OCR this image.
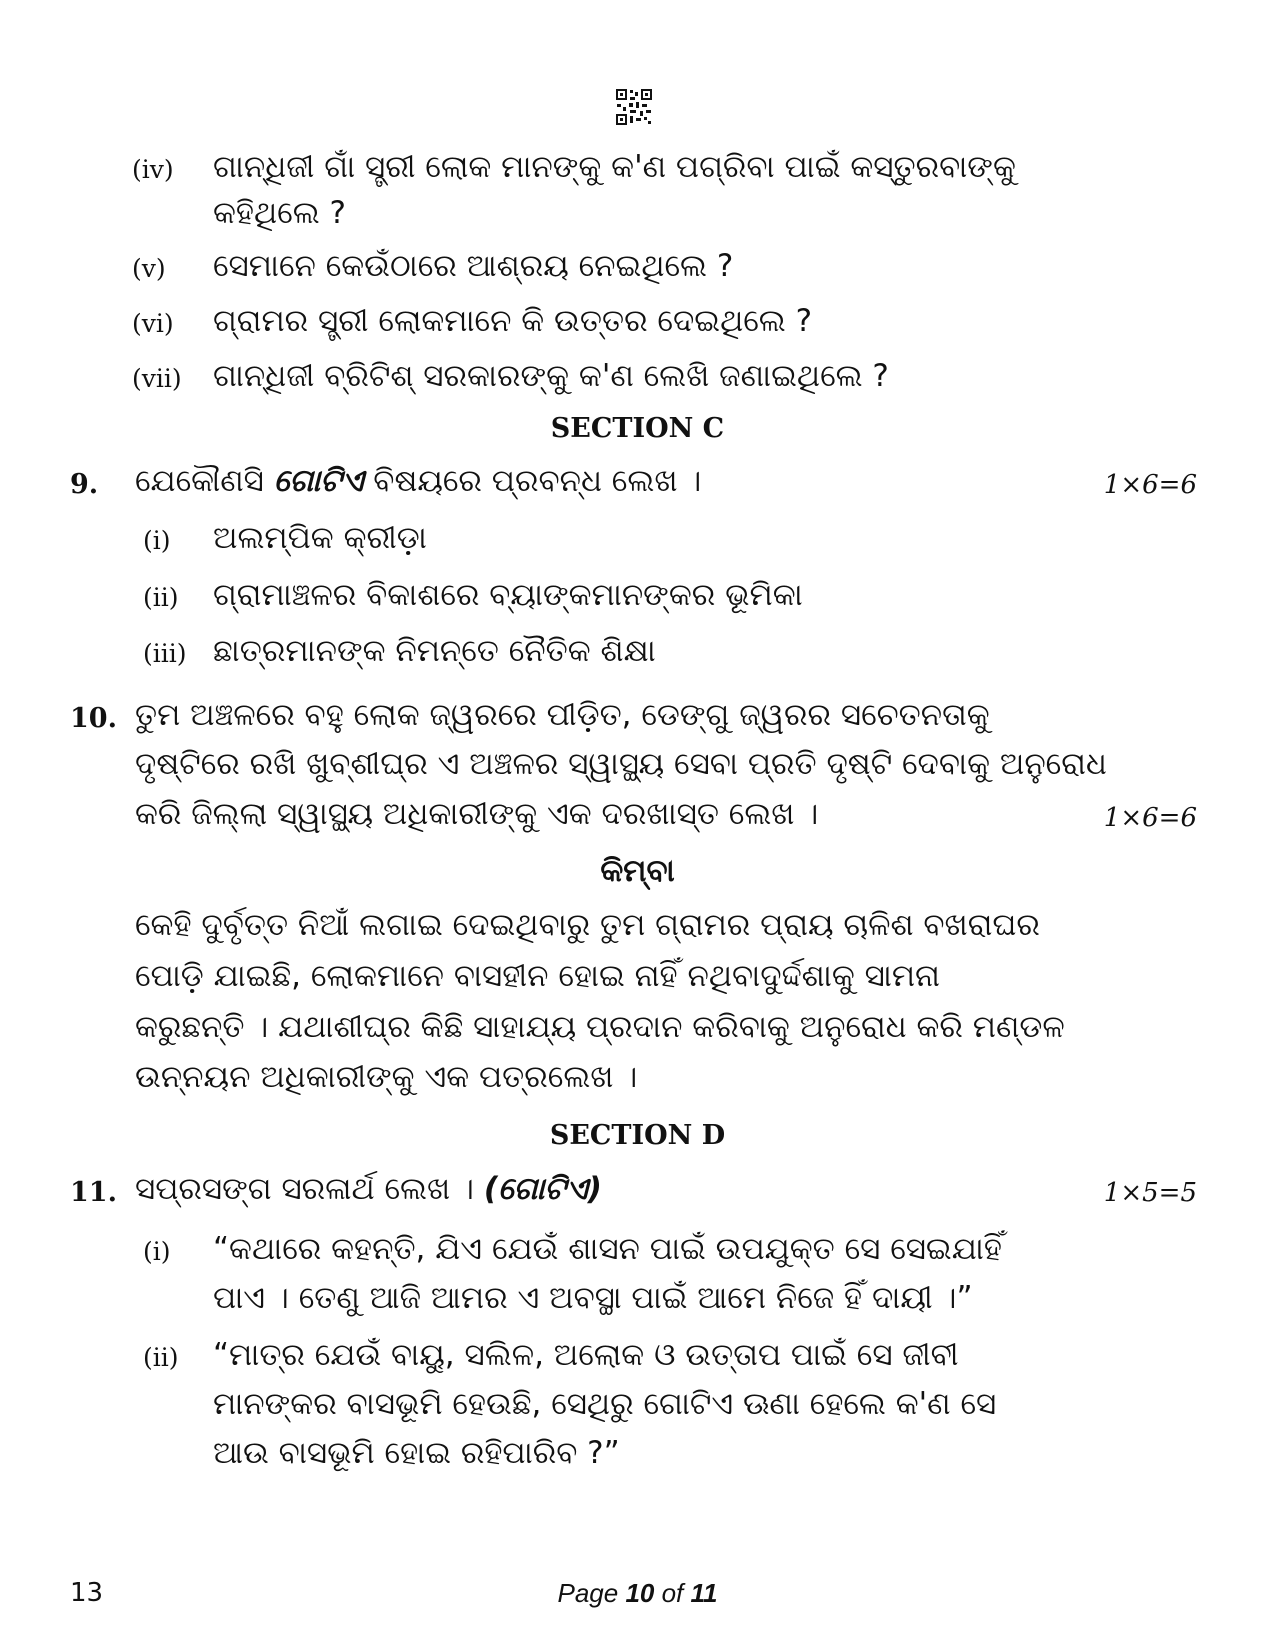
(iv) ଗାନ୍ଧିଜୀ ଗାଁ ସ୍ତ୍ରୀ ଲୋକ ମାନଙ୍କୁ କ'ଣ ପଗ୍ରିବା ପାଇଁ କସ୍ତୁରବାଙ୍କୁ
କହିଥିଲେ ?
(v) ସେମାନେ କେଉଁଠାରେ ଆଶ୍ରୟ ନେଇଥିଲେ ?
(vi) ଗ୍ରାମର ସ୍ତ୍ରୀ ଲୋକମାନେ କି ଉତ୍ତର ଦେଇଥିଲେ ?
(vii) ଗାନ୍ଧିଜୀ ବ୍ରିଟିଶ୍ ସରକାରଙ୍କୁ କ'ଣ ଲେଖି ଜଣାଇଥିଲେ ?
SECTION C
9. ଯେକୌଣସି ଗୋଟିଏ ବିଷୟରେ ପ୍ରବନ୍ଧ ଲେଖ ।	1×6=6
(i) ଅଲମ୍ପିକ କ୍ରୀଡ଼ା
(ii) ଗ୍ରାମାଞ୍ଚଳର ବିକାଶରେ ବ୍ୟାଙ୍କମାନଙ୍କର ଭୂମିକା
(iii) ଛାତ୍ରମାନଙ୍କ ନିମନ୍ତେ ନୈତିକ ଶିକ୍ଷା
10. ତୁମ ଅଞ୍ଚଳରେ ବହୁ ଲୋକ ଜ୍ୱରରେ ପୀଡ଼ିତ, ଡେଙ୍ଗୁ ଜ୍ୱରର ସଚେତନତାକୁ
ଦୃଷ୍ଟିରେ ରଖି ଖୁବ୍‌ଶୀଘ୍ର ଏ ଅଞ୍ଚଳର ସ୍ୱାସ୍ଥ୍ୟ ସେବା ପ୍ରତି ଦୃଷ୍ଟି ଦେବାକୁ ଅନୁରୋଧ
କରି ଜିଲ୍ଲା ସ୍ୱାସ୍ଥ୍ୟ ଅଧିକାରୀଙ୍କୁ ଏକ ଦରଖାସ୍ତ ଲେଖ ।	1×6=6
କିମ୍ବା
କେହି ଦୁର୍ବୃତ୍ତ ନିଆଁ ଲଗାଇ ଦେଇଥିବାରୁ ତୁମ ଗ୍ରାମର ପ୍ରାୟ ଚାଳିଶ ବଖରାଘର
ପୋଡ଼ି ଯାଇଛି, ଲୋକମାନେ ବାସହୀନ ହୋଇ ନାହିଁ ନଥିବାଦୁର୍ଦ୍ଦଶାକୁ ସାମନା
କରୁଛନ୍ତି । ଯଥାଶୀଘ୍ର କିଛି ସାହାଯ୍ୟ ପ୍ରଦାନ କରିବାକୁ ଅନୁରୋଧ କରି ମଣ୍ଡଳ
ଉନ୍ନୟନ ଅଧିକାରୀଙ୍କୁ ଏକ ପତ୍ରଲେଖ ।
SECTION D
11. ସପ୍ରସଙ୍ଗ ସରଳାର୍ଥ ଲେଖ । (ଗୋଟିଏ)	1×5=5
(i) “କଥାରେ କହନ୍ତି, ଯିଏ ଯେଉଁ ଶାସନ ପାଇଁ ଉପଯୁକ୍ତ ସେ ସେଇଯାହିଁ
ପାଏ । ତେଣୁ ଆଜି ଆମର ଏ ଅବସ୍ଥା ପାଇଁ ଆମେ ନିଜେ ହିଁ ଦାୟୀ ।”
(ii) “ମାତ୍ର ଯେଉଁ ବାୟୁ, ସଲିଳ, ଅଲୋକ ଓ ଉତ୍ତାପ ପାଇଁ ସେ ଜୀବୀ
ମାନଙ୍କର ବାସଭୂମି ହେଉଛି, ସେଥିରୁ ଗୋଟିଏ ଊଣା ହେଲେ କ'ଣ ସେ
ଆଉ ବାସଭୂମି ହୋଇ ରହିପାରିବ ?”
13	Page 10 of 11
